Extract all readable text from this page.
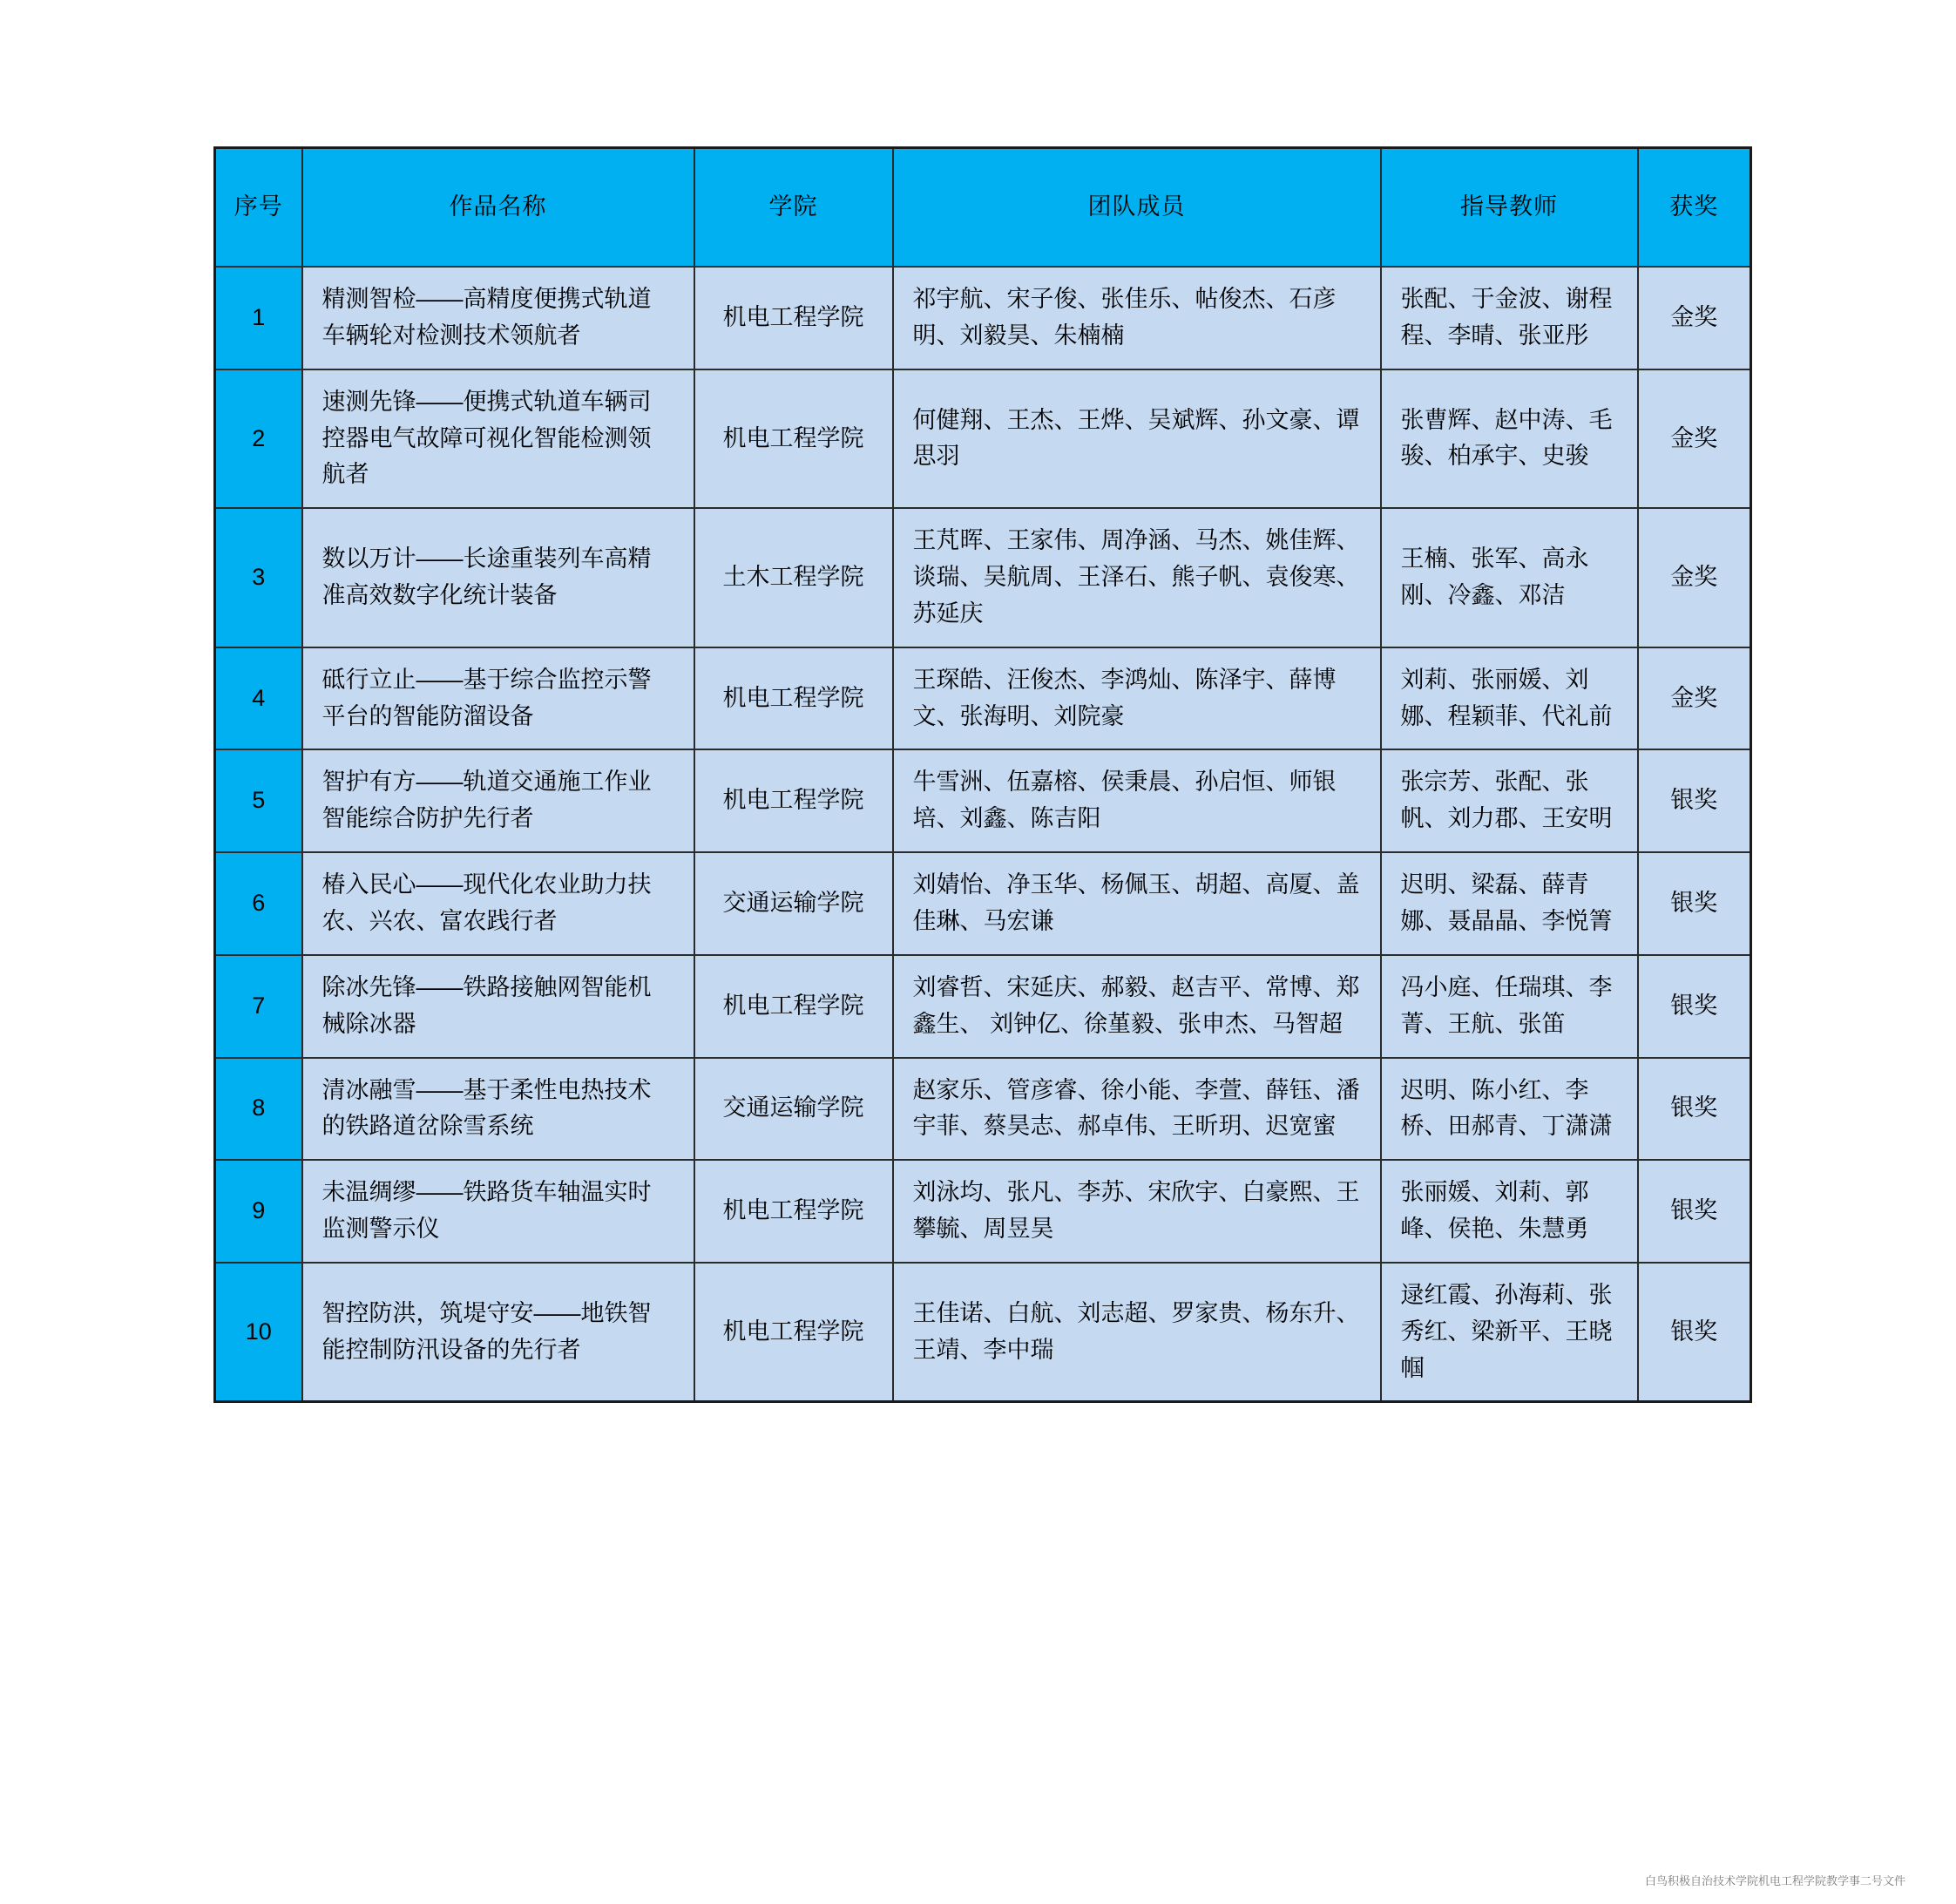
序号	作品名称	学院	团队成员	指导教师	获奖
1	精测智检——高精度便携式轨道车辆轮对检测技术领航者	机电工程学院	祁宇航、宋子俊、张佳乐、帖俊杰、石彦明、刘毅昊、朱楠楠	张配、于金波、谢程程、李晴、张亚彤	金奖
2	速测先锋——便携式轨道车辆司控器电气故障可视化智能检测领航者	机电工程学院	何健翔、王杰、王烨、吴斌辉、孙文豪、谭思羽	张曹辉、赵中涛、毛骏、柏承宇、史骏	金奖
3	数以万计——长途重装列车高精准高效数字化统计装备	土木工程学院	王芃晖、王家伟、周净涵、马杰、姚佳辉、谈瑞、吴航周、王泽石、熊子帆、袁俊寒、苏延庆	王楠、张军、高永刚、冷鑫、邓洁	金奖
4	砥行立止——基于综合监控示警平台的智能防溜设备	机电工程学院	王琛皓、汪俊杰、李鸿灿、陈泽宇、薛博文、张海明、刘院豪	刘莉、张丽媛、刘娜、程颖菲、代礼前	金奖
5	智护有方——轨道交通施工作业智能综合防护先行者	机电工程学院	牛雪洲、伍嘉榕、侯秉晨、孙启恒、师银培、刘鑫、陈吉阳	张宗芳、张配、张帆、刘力郡、王安明	银奖
6	椿入民心——现代化农业助力扶农、兴农、富农践行者	交通运输学院	刘婧怡、净玉华、杨佩玉、胡超、高厦、盖佳琳、马宏谦	迟明、梁磊、薛青娜、聂晶晶、李悦箐	银奖
7	除冰先锋——铁路接触网智能机械除冰器	机电工程学院	刘睿哲、宋延庆、郝毅、赵吉平、常博、郑鑫生、 刘钟亿、徐堇毅、张申杰、马智超	冯小庭、任瑞琪、李菁、王航、张笛	银奖
8	清冰融雪——基于柔性电热技术的铁路道岔除雪系统	交通运输学院	赵家乐、管彦睿、徐小能、李萱、薛钰、潘宇菲、蔡昊志、郝卓伟、王昕玥、迟宽蜜	迟明、陈小红、李桥、田郝青、丁潇潇	银奖
9	未温绸缪——铁路货车轴温实时监测警示仪	机电工程学院	刘泳均、张凡、李苏、宋欣宇、白豪熙、王攀毓、周昱昊	张丽媛、刘莉、郭峰、侯艳、朱慧勇	银奖
10	智控防洪，筑堤守安——地铁智能控制防汛设备的先行者	机电工程学院	王佳诺、白航、刘志超、罗家贵、杨东升、王靖、李中瑞	逯红霞、孙海莉、张秀红、梁新平、王晓帼	银奖
白鸟积极自治技术学院机电工程学院教学事二号文件
